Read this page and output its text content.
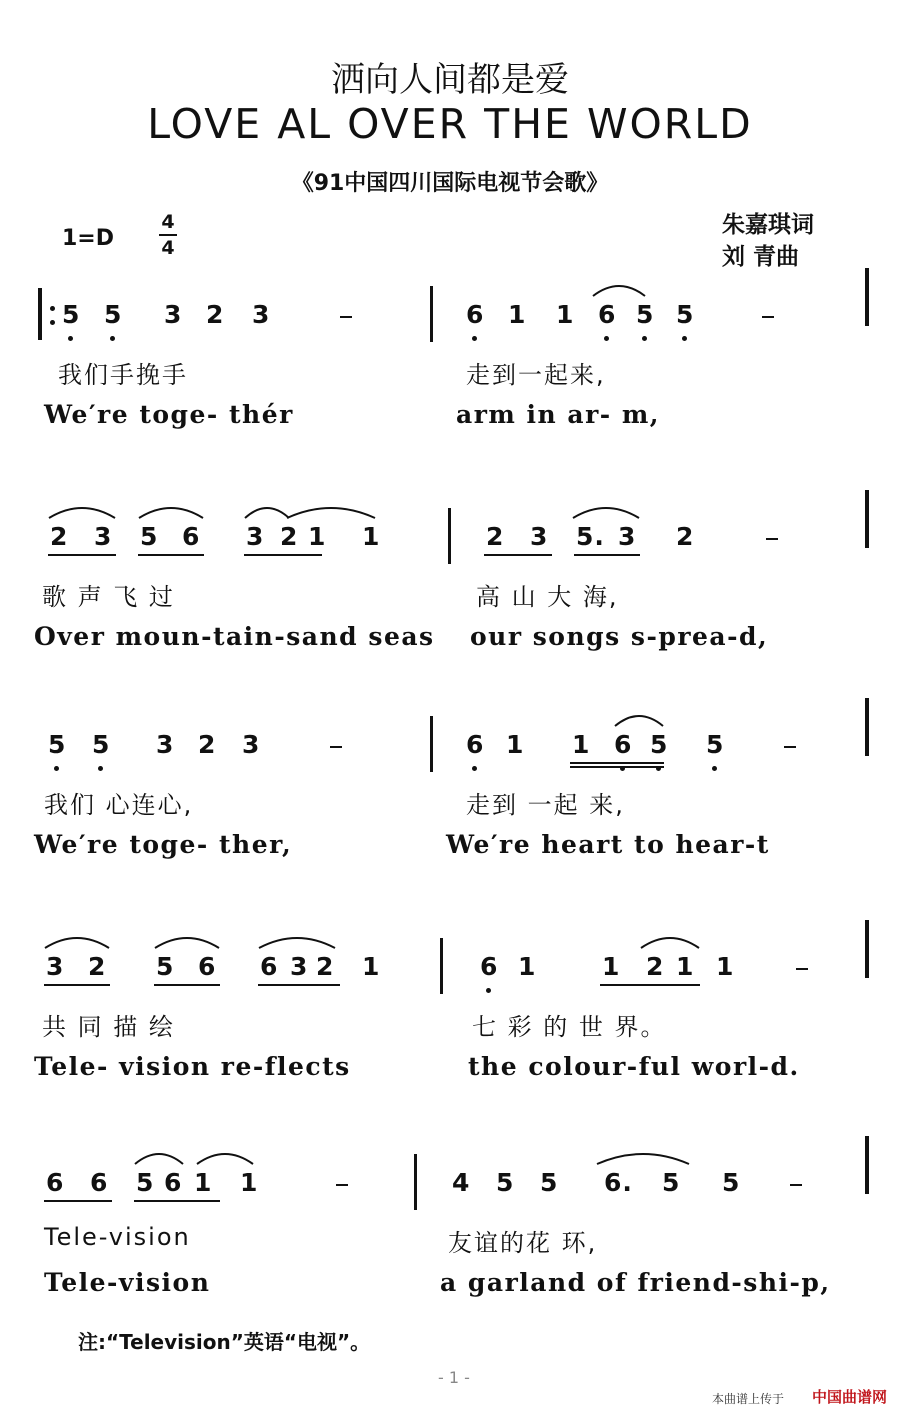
洒向人间都是爱
LOVE AL OVER THE WORLD
《91中国四川国际电视节会歌》
1=D
4
4
朱嘉琪词
刘 青曲
5 5 3 2 3	6 1 1 6 5 5
我们手挽手	走到一起来,
We′re toge- thér	arm in ar- m,
2 3 5 6 3 2 1 1	2 3 5. 3 2
歌 声 飞 过	高 山 大 海,
Over moun-tain-sand seas our songs s-prea-d,
5 5 3 2 3	6 1 1 6 5 5
我们 心连心,	走到 一起 来,
We′re toge- ther,	We′re heart to hear-t
3 2 5 6 6 3 2 1	6 1	1 2 1 1
共 同 描 绘	七 彩 的 世 界。
Tele- vision re-flects	the colour-ful worl-d.
6 6 5 6 1 1	4 5 5 6. 5 5
Tele-vision	友谊的花 环,
Tele-vision	a garland of friend-shi-p,
注:“Television”英语“电视”。
- 1 -
本曲谱上传于 中国曲谱网
